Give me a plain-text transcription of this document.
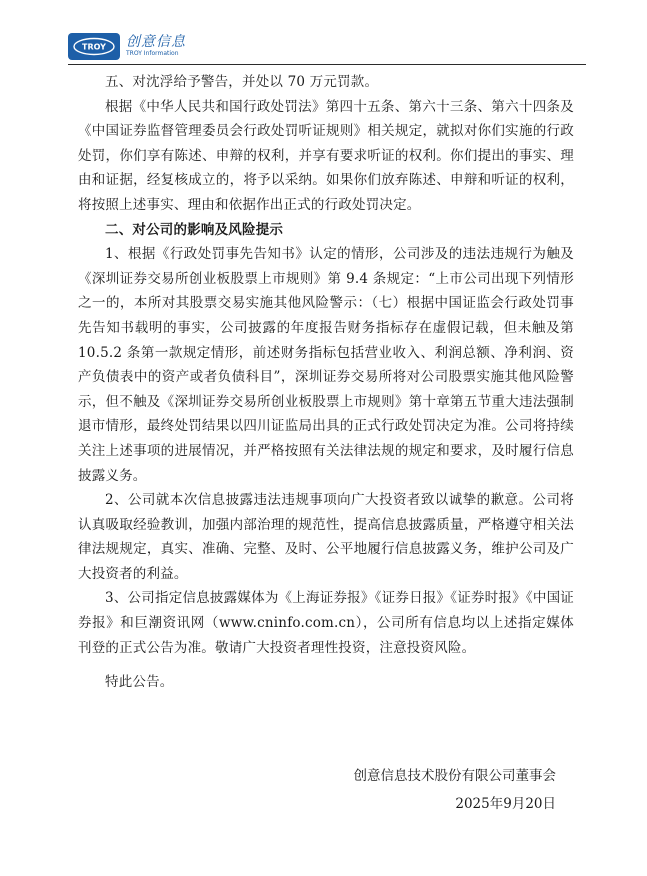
TROY 创意信息
TROY Information

五、对沈浮给予警告，并处以 70 万元罚款。

根据《中华人民共和国行政处罚法》第四十五条、第六十三条、第六十四条及《中国证券监督管理委员会行政处罚听证规则》相关规定，就拟对你们实施的行政处罚，你们享有陈述、申辩的权利，并享有要求听证的权利。你们提出的事实、理由和证据，经复核成立的，将予以采纳。如果你们放弃陈述、申辩和听证的权利，将按照上述事实、理由和依据作出正式的行政处罚决定。

二、对公司的影响及风险提示

1、根据《行政处罚事先告知书》认定的情形，公司涉及的违法违规行为触及《深圳证券交易所创业板股票上市规则》第 9.4 条规定：“上市公司出现下列情形之一的，本所对其股票交易实施其他风险警示：（七）根据中国证监会行政处罚事先告知书载明的事实，公司披露的年度报告财务指标存在虚假记载，但未触及第 10.5.2 条第一款规定情形，前述财务指标包括营业收入、利润总额、净利润、资产负债表中的资产或者负债科目”，深圳证券交易所将对公司股票实施其他风险警示，但不触及《深圳证券交易所创业板股票上市规则》第十章第五节重大违法强制退市情形，最终处罚结果以四川证监局出具的正式行政处罚决定为准。公司将持续关注上述事项的进展情况，并严格按照有关法律法规的规定和要求，及时履行信息披露义务。

2、公司就本次信息披露违法违规事项向广大投资者致以诚挚的歉意。公司将认真吸取经验教训，加强内部治理的规范性，提高信息披露质量，严格遵守相关法律法规规定，真实、准确、完整、及时、公平地履行信息披露义务，维护公司及广大投资者的利益。

3、公司指定信息披露媒体为《上海证券报》《证券日报》《证券时报》《中国证券报》和巨潮资讯网（www.cninfo.com.cn），公司所有信息均以上述指定媒体刊登的正式公告为准。敬请广大投资者理性投资，注意投资风险。

特此公告。

创意信息技术股份有限公司董事会
2025年9月20日
